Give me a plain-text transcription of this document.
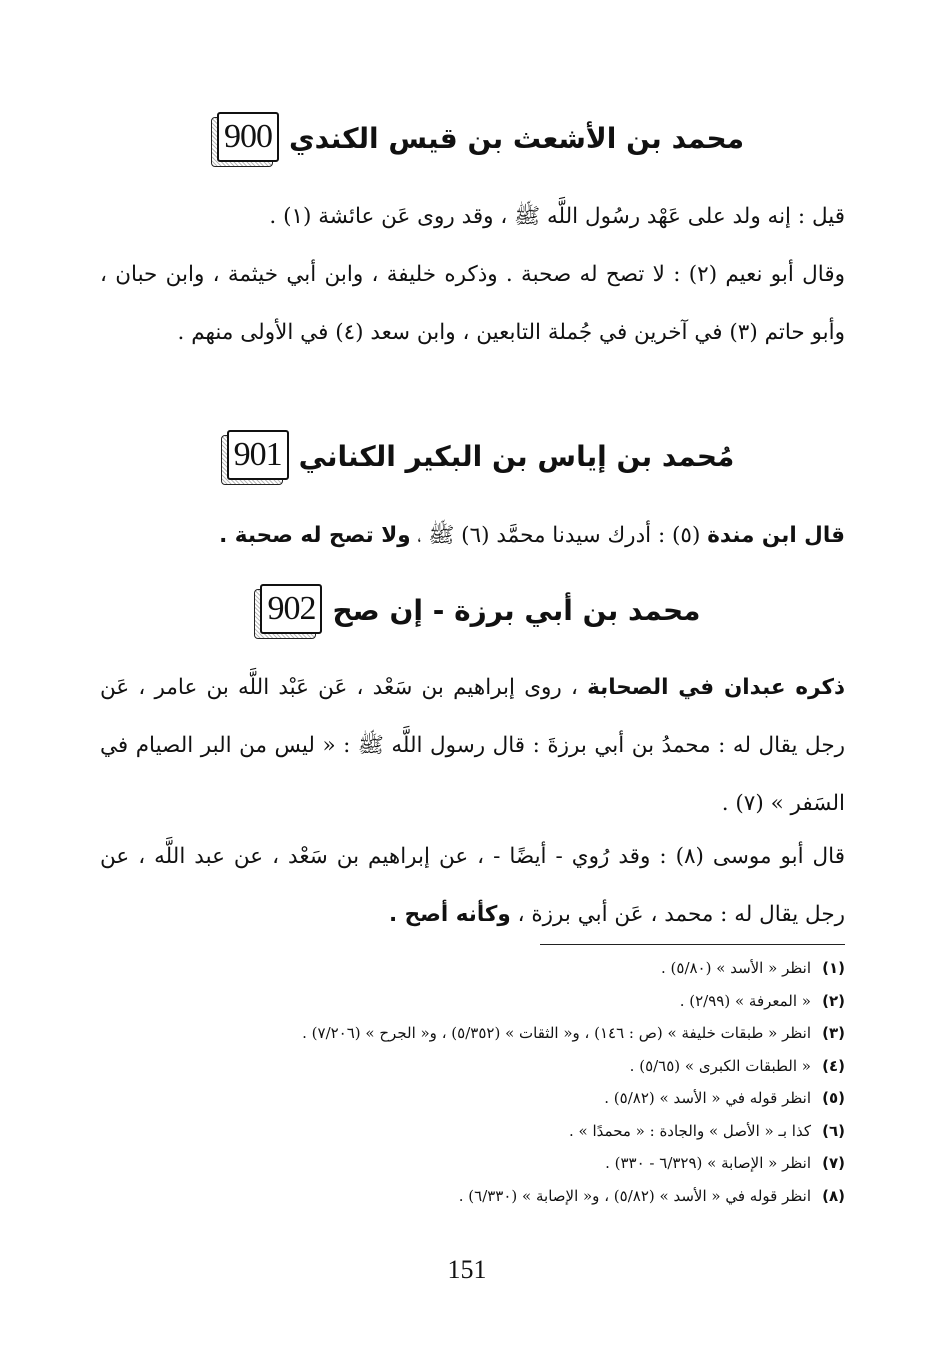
900 محمد بن الأشعث بن قيس الكندي
قيل : إنه ولد على عَهْد رسُول اللَّه ﷺ ، وقد روى عَن عائشة (١) .
وقال أبو نعيم (٢) : لا تصح له صحبة . وذكره خليفة ، وابن أبي خيثمة ، وابن حبان ، وأبو حاتم (٣) في آخرين في جُملة التابعين ، وابن سعد (٤) في الأولى منهم .
901 مُحمد بن إياس بن البكير الكناني
قال ابن مندة (٥) : أدرك سيدنا محمَّد (٦) ﷺ ، ولا تصح له صحبة .
902 محمد بن أبي برزة - إن صح
ذكره عبدان في الصحابة ، روى إبراهيم بن سَعْد ، عَن عَبْد اللَّه بن عامر ، عَن رجل يقال له : محمدُ بن أبي برزةَ : قال رسول اللَّه ﷺ : « ليس من البر الصيام في السَفر » (٧) .
قال أبو موسى (٨) : وقد رُوي - أيضًا - ، عن إبراهيم بن سَعْد ، عن عبد اللَّه ، عن رجل يقال له : محمد ، عَن أبي برزة ، وكأنه أصح .
(١)
انظر « الأسد » (٥/٨٠) .
(٢)
« المعرفة » (٢/٩٩) .
(٣)
انظر « طبقات خليفة » (ص : ١٤٦) ، و« الثقات » (٥/٣٥٢) ، و« الجرح » (٧/٢٠٦) .
(٤)
« الطبقات الكبرى » (٥/٦٥) .
(٥)
انظر قوله في « الأسد » (٥/٨٢) .
(٦)
كذا بـ « الأصل » والجادة : « محمدًا » .
(٧)
انظر « الإصابة » (٦/٣٢٩ - ٣٣٠) .
(٨)
انظر قوله في « الأسد » (٥/٨٢) ، و« الإصابة » (٦/٣٣٠) .
151
